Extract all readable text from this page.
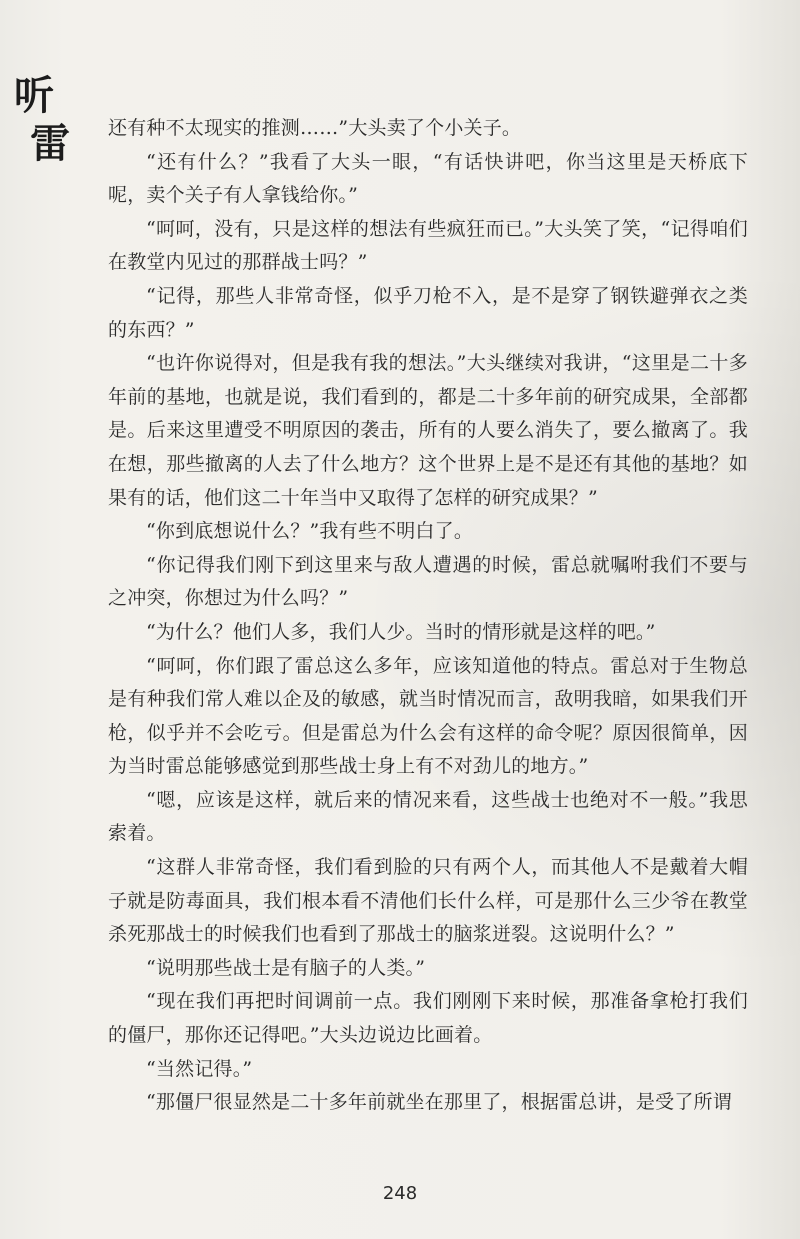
听
雷 还有种不太现实的推测……”大头卖了个小关子。

“还有什么？”我看了大头一眼，“有话快讲吧，你当这里是天桥底下呢，卖个关子有人拿钱给你。”

“呵呵，没有，只是这样的想法有些疯狂而已。”大头笑了笑，“记得咱们在教堂内见过的那群战士吗？”

“记得，那些人非常奇怪，似乎刀枪不入，是不是穿了钢铁避弹衣之类的东西？”

“也许你说得对，但是我有我的想法。”大头继续对我讲，“这里是二十多年前的基地，也就是说，我们看到的，都是二十多年前的研究成果，全部都是。后来这里遭受不明原因的袭击，所有的人要么消失了，要么撤离了。我在想，那些撤离的人去了什么地方？这个世界上是不是还有其他的基地？如果有的话，他们这二十年当中又取得了怎样的研究成果？”

“你到底想说什么？”我有些不明白了。

“你记得我们刚下到这里来与敌人遭遇的时候，雷总就嘱咐我们不要与之冲突，你想过为什么吗？”

“为什么？他们人多，我们人少。当时的情形就是这样的吧。”

“呵呵，你们跟了雷总这么多年，应该知道他的特点。雷总对于生物总是有种我们常人难以企及的敏感，就当时情况而言，敌明我暗，如果我们开枪，似乎并不会吃亏。但是雷总为什么会有这样的命令呢？原因很简单，因为当时雷总能够感觉到那些战士身上有不对劲儿的地方。”

“嗯，应该是这样，就后来的情况来看，这些战士也绝对不一般。”我思索着。

“这群人非常奇怪，我们看到脸的只有两个人，而其他人不是戴着大帽子就是防毒面具，我们根本看不清他们长什么样，可是那什么三少爷在教堂杀死那战士的时候我们也看到了那战士的脑浆迸裂。这说明什么？”

“说明那些战士是有脑子的人类。”

“现在我们再把时间调前一点。我们刚刚下来时候，那准备拿枪打我们的僵尸，那你还记得吧。”大头边说边比画着。

“当然记得。”

“那僵尸很显然是二十多年前就坐在那里了，根据雷总讲，是受了所谓

248
